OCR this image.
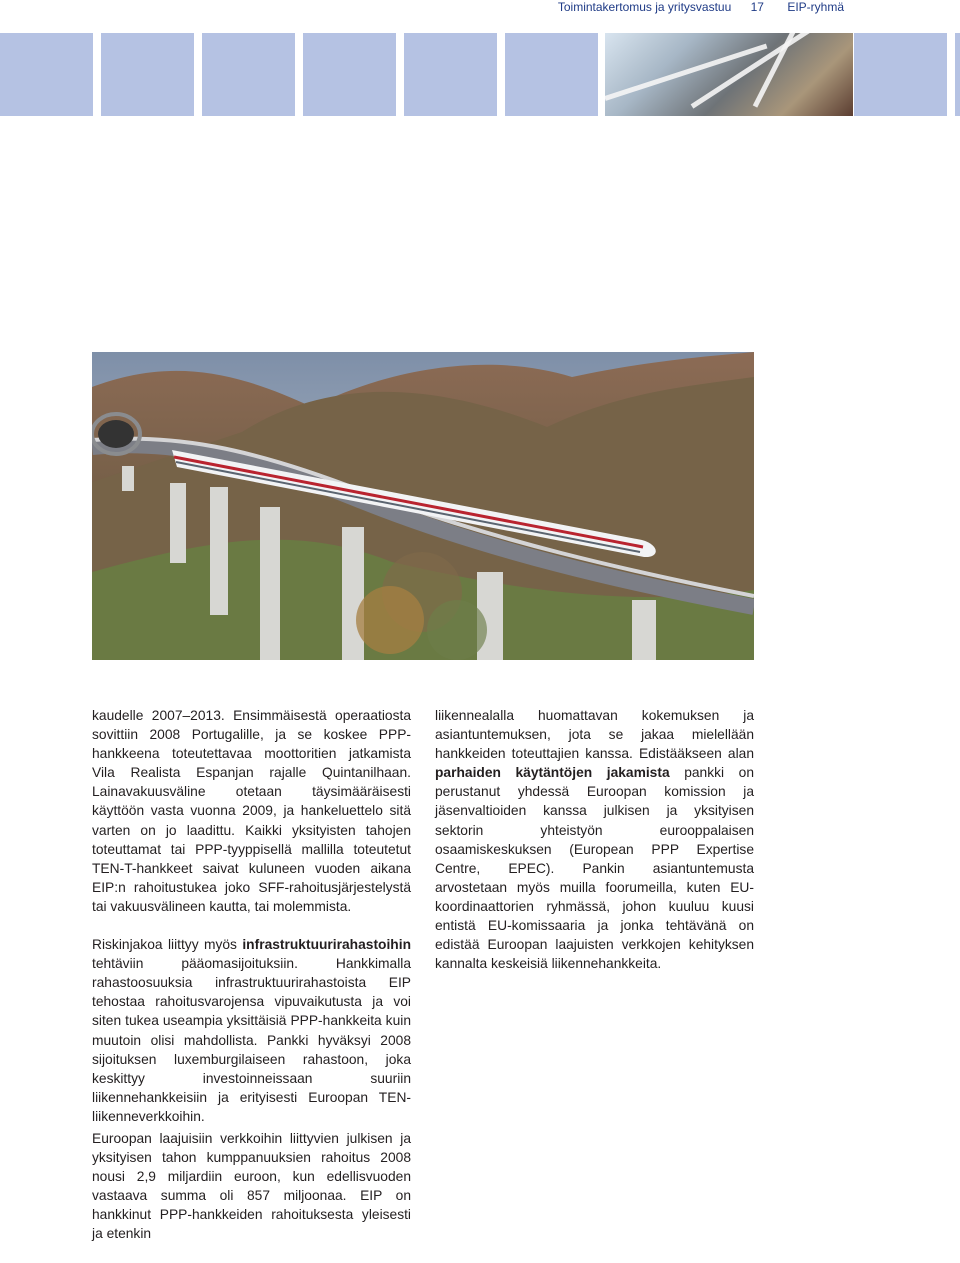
Toimintakertomus ja yritysvastuu 17 EIP-ryhmä

kaudelle 2007–2013. Ensimmäisestä operaatiosta sovittiin 2008 Portugalille, ja se koskee PPP-hankkeena toteutettavaa moottoritien jatkamista Vila Realista Espanjan rajalle Quintanilhaan. Lainavakuusväline otetaan täysimääräisesti käyttöön vasta vuonna 2009, ja hankeluettelo sitä varten on jo laadittu. Kaikki yksityisten tahojen toteuttamat tai PPP-tyyppisellä mallilla toteutetut TEN-T-hankkeet saivat kuluneen vuoden aikana EIP:n rahoitustukea joko SFF-rahoitusjärjestelystä tai vakuusvälineen kautta, tai molemmista.

Riskinjakoa liittyy myös infrastruktuurirahastoihin tehtäviin pääomasijoituksiin. Hankkimalla rahastoosuuksia infrastruktuurirahastoista EIP tehostaa rahoitusvarojensa vipuvaikutusta ja voi siten tukea useampia yksittäisiä PPP-hankkeita kuin muutoin olisi mahdollista. Pankki hyväksyi 2008 sijoituksen luxemburgilaiseen rahastoon, joka keskittyy investoinneissaan suuriin liikennehankkeisiin ja erityisesti Euroopan TEN-liikenneverkkoihin.

liikennealalla huomattavan kokemuksen ja asiantuntemuksen, jota se jakaa mielellään hankkeiden toteuttajien kanssa. Edistääkseen alan parhaiden käytäntöjen jakamista pankki on perustanut yhdessä Euroopan komission ja jäsenvaltioiden kanssa julkisen ja yksityisen sektorin yhteistyön eurooppalaisen osaamiskeskuksen (European PPP Expertise Centre, EPEC). Pankin asiantuntemusta arvostetaan myös muilla foorumeilla, kuten EU-koordinaattorien ryhmässä, johon kuuluu kuusi entistä EU-komissaaria ja jonka tehtävänä on edistää Euroopan laajuisten verkkojen kehityksen kannalta keskeisiä liikennehankkeita.

Euroopan laajuisiin verkkoihin liittyvien julkisen ja yksityisen tahon kumppanuuksien rahoitus 2008 nousi 2,9 miljardiin euroon, kun edellisvuoden vastaava summa oli 857 miljoonaa. EIP on hankkinut PPP-hankkeiden rahoituksesta yleisesti ja etenkin
